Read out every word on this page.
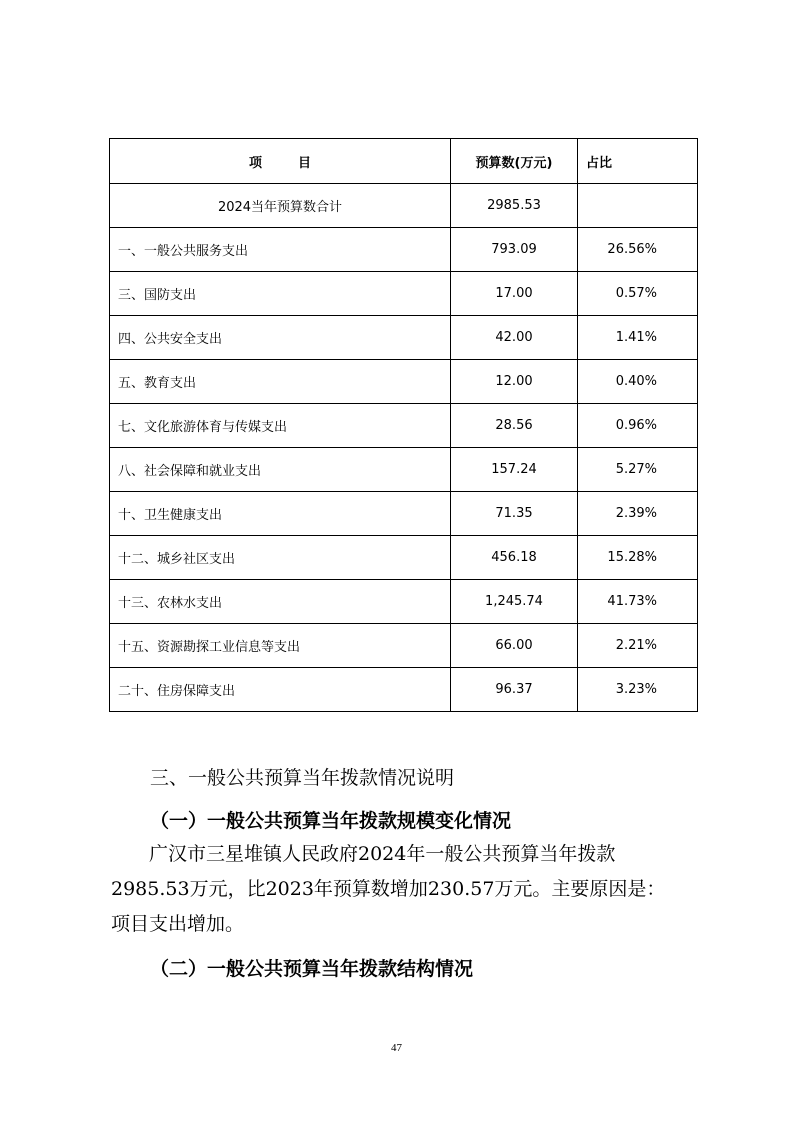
项目	预算数(万元)	占比
2024当年预算数合计	2985.53	
一、一般公共服务支出	793.09	26.56%
三、国防支出	17.00	0.57%
四、公共安全支出	42.00	1.41%
五、教育支出	12.00	0.40%
七、文化旅游体育与传媒支出	28.56	0.96%
八、社会保障和就业支出	157.24	5.27%
十、卫生健康支出	71.35	2.39%
十二、城乡社区支出	456.18	15.28%
十三、农林水支出	1,245.74	41.73%
十五、资源勘探工业信息等支出	66.00	2.21%
二十、住房保障支出	96.37	3.23%
三、一般公共预算当年拨款情况说明
（一）一般公共预算当年拨款规模变化情况
广汉市三星堆镇人民政府2024年一般公共预算当年拨款
2985.53万元，比2023年预算数增加230.57万元。主要原因是：
项目支出增加。
（二）一般公共预算当年拨款结构情况
47
